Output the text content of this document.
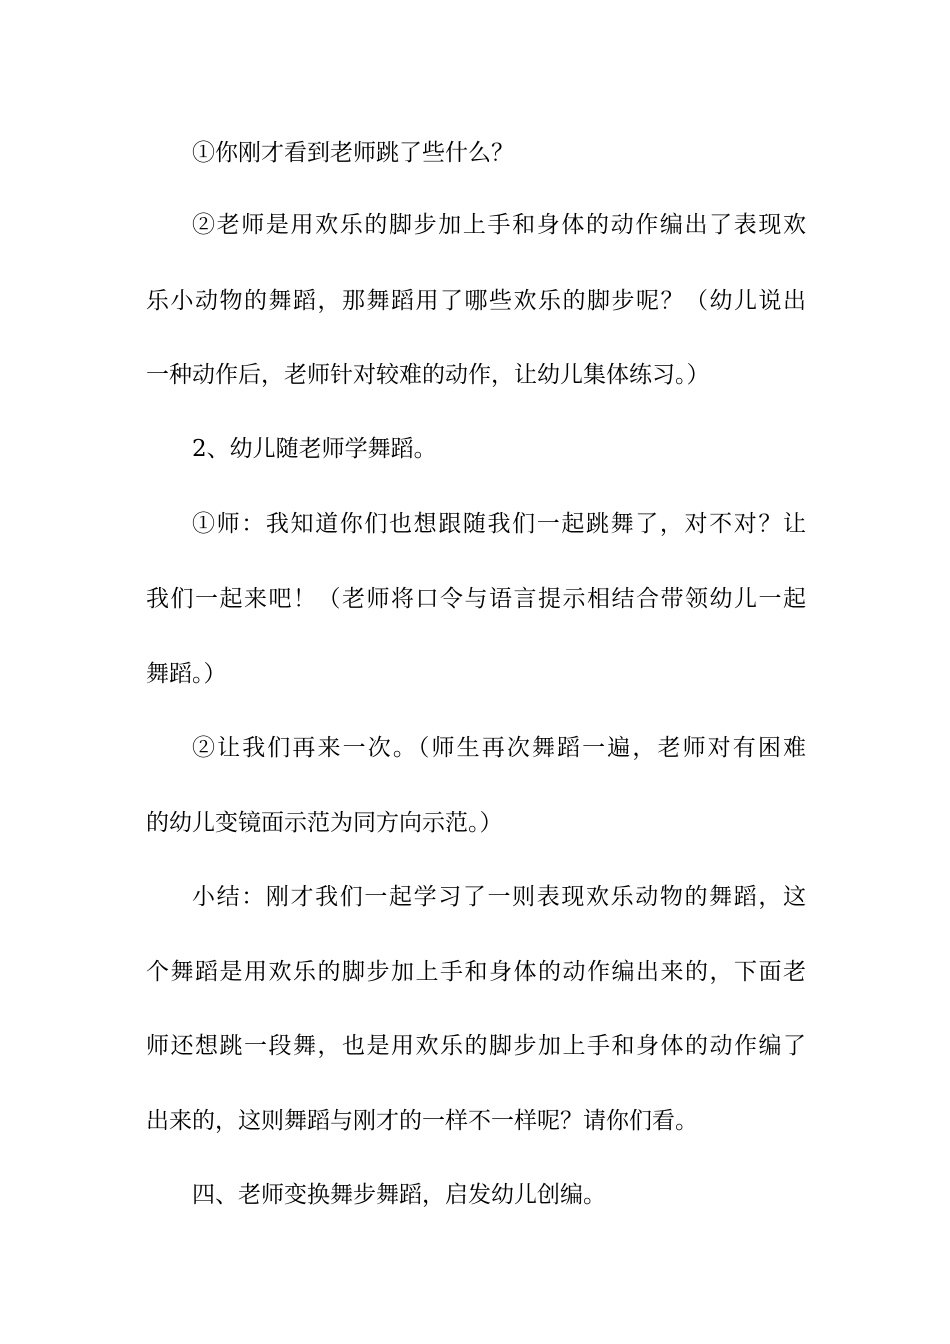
①你刚才看到老师跳了些什么？
②老师是用欢乐的脚步加上手和身体的动作编出了表现欢
乐小动物的舞蹈，那舞蹈用了哪些欢乐的脚步呢？（幼儿说出
一种动作后，老师针对较难的动作，让幼儿集体练习。）
2、幼儿随老师学舞蹈。
①师：我知道你们也想跟随我们一起跳舞了，对不对？让
我们一起来吧！（老师将口令与语言提示相结合带领幼儿一起
舞蹈。）
②让我们再来一次。（师生再次舞蹈一遍，老师对有困难
的幼儿变镜面示范为同方向示范。）
小结：刚才我们一起学习了一则表现欢乐动物的舞蹈，这
个舞蹈是用欢乐的脚步加上手和身体的动作编出来的，下面老
师还想跳一段舞，也是用欢乐的脚步加上手和身体的动作编了
出来的，这则舞蹈与刚才的一样不一样呢？请你们看。
四、老师变换舞步舞蹈，启发幼儿创编。
